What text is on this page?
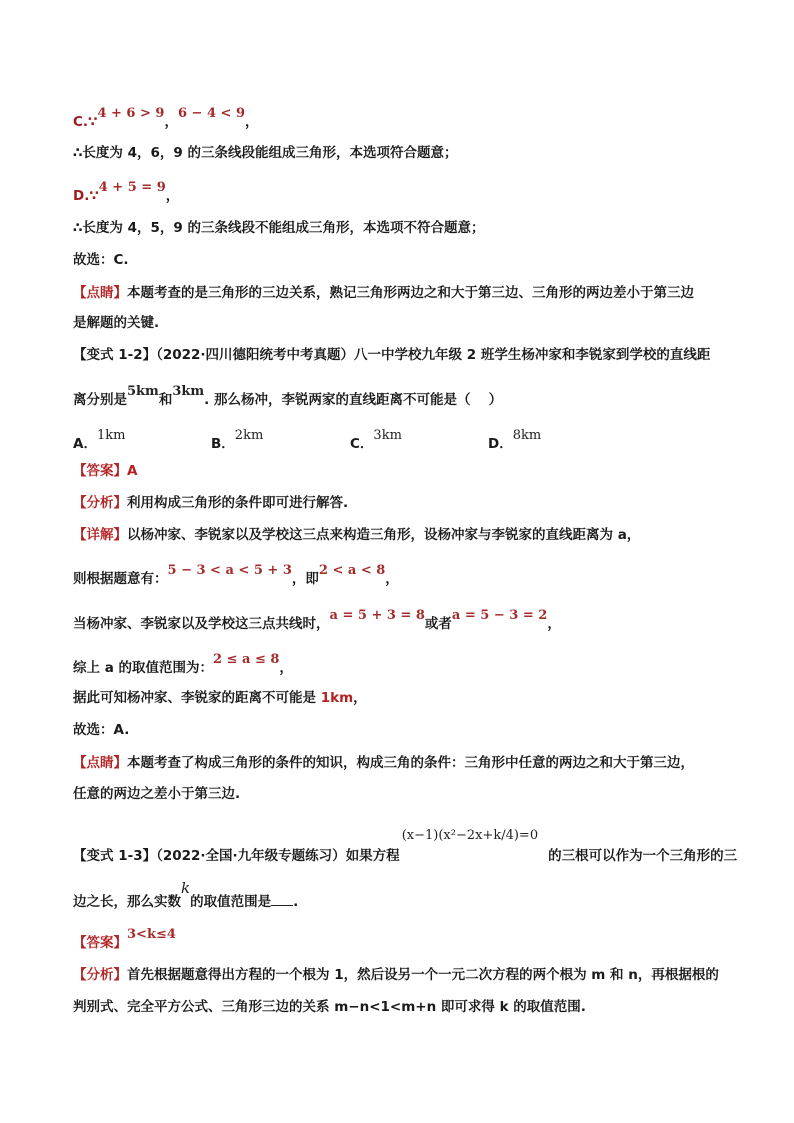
C.∵4 + 6 > 9，6 − 4 < 9，
∴长度为 4，6，9 的三条线段能组成三角形，本选项符合题意；
D.∵4 + 5 = 9，
∴长度为 4，5，9 的三条线段不能组成三角形，本选项不符合题意；
故选：C.
【点睛】本题考查的是三角形的三边关系，熟记三角形两边之和大于第三边、三角形的两边差小于第三边
是解题的关键.
【变式 1-2】（2022·四川德阳统考中考真题）八一中学校九年级 2 班学生杨冲家和李锐家到学校的直线距
离分别是5km和3km. 那么杨冲，李锐两家的直线距离不可能是（　 ）
A．1km
B．2km
C．3km
D．8km
【答案】A
【分析】利用构成三角形的条件即可进行解答.
【详解】以杨冲家、李锐家以及学校这三点来构造三角形，设杨冲家与李锐家的直线距离为 a，
则根据题意有：5 − 3 < a < 5 + 3，即2 < a < 8，
当杨冲家、李锐家以及学校这三点共线时，a = 5 + 3 = 8或者a = 5 − 3 = 2，
综上 a 的取值范围为：2 ≤ a ≤ 8，
据此可知杨冲家、李锐家的距离不可能是 1km，
故选：A.
【点睛】本题考查了构成三角形的条件的知识，构成三角的条件：三角形中任意的两边之和大于第三边，
任意的两边之差小于第三边.
【变式 1-3】（2022·全国·九年级专题练习）如果方程(x−1)(x²−2x+k/4)=0的三根可以作为一个三角形的三
边之长，那么实数k的取值范围是 .
【答案】3<k≤4
【分析】首先根据题意得出方程的一个根为 1，然后设另一个一元二次方程的两个根为 m 和 n，再根据根的
判别式、完全平方公式、三角形三边的关系 m−n<1<m+n 即可求得 k 的取值范围.
